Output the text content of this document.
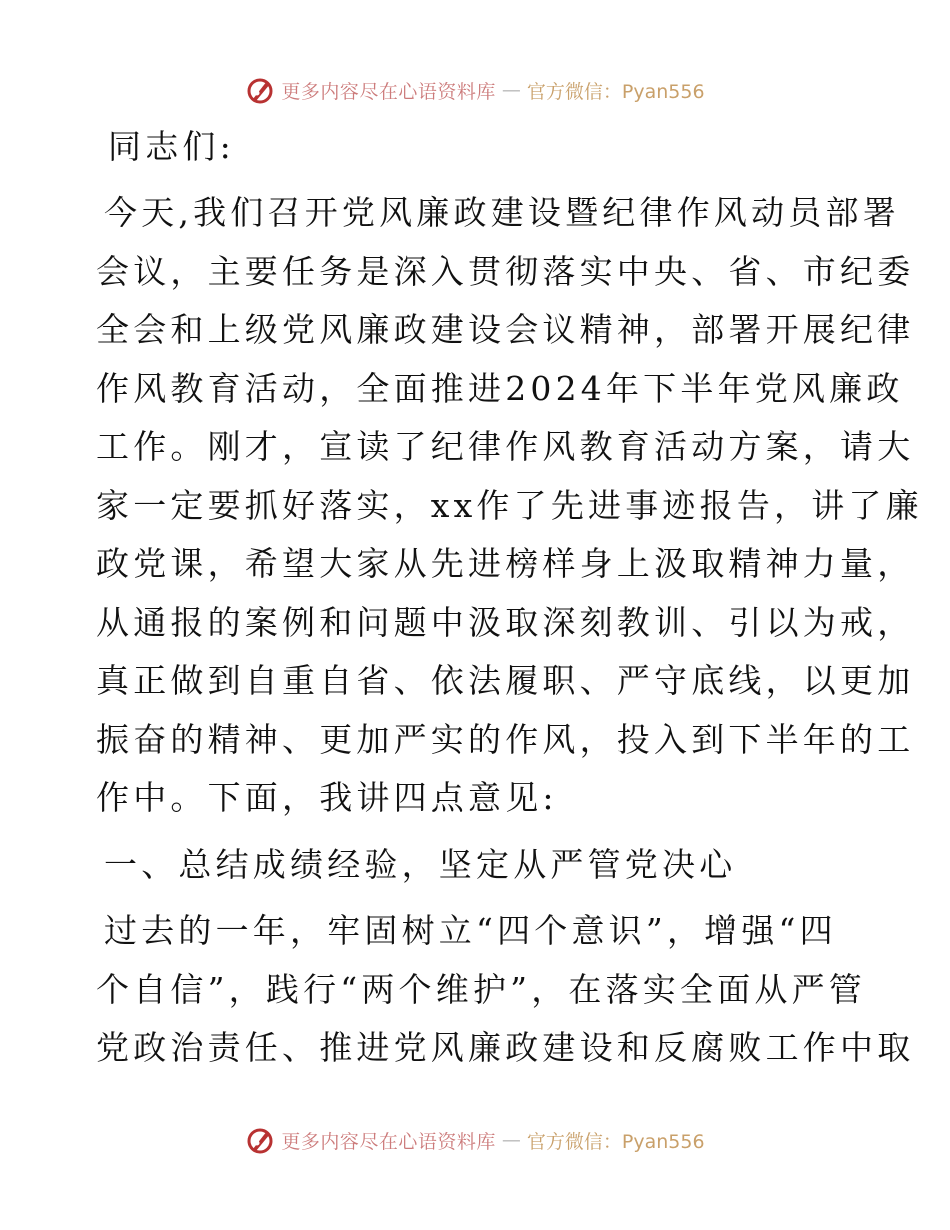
更多内容尽在心语资料库 — 官方微信：Pyan556
同志们:
今天,我们召开党风廉政建设暨纪律作风动员部署
会议，主要任务是深入贯彻落实中央、省、市纪委
全会和上级党风廉政建设会议精神，部署开展纪律
作风教育活动，全面推进2024年下半年党风廉政
工作。刚才，宣读了纪律作风教育活动方案，请大
家一定要抓好落实，xx作了先进事迹报告，讲了廉
政党课，希望大家从先进榜样身上汲取精神力量，
从通报的案例和问题中汲取深刻教训、引以为戒，
真正做到自重自省、依法履职、严守底线，以更加
振奋的精神、更加严实的作风，投入到下半年的工
作中。下面，我讲四点意见:
一、总结成绩经验，坚定从严管党决心
过去的一年，牢固树立“四个意识”，增强“四
个自信”，践行“两个维护”，在落实全面从严管
党政治责任、推进党风廉政建设和反腐败工作中取
更多内容尽在心语资料库 — 官方微信：Pyan556
